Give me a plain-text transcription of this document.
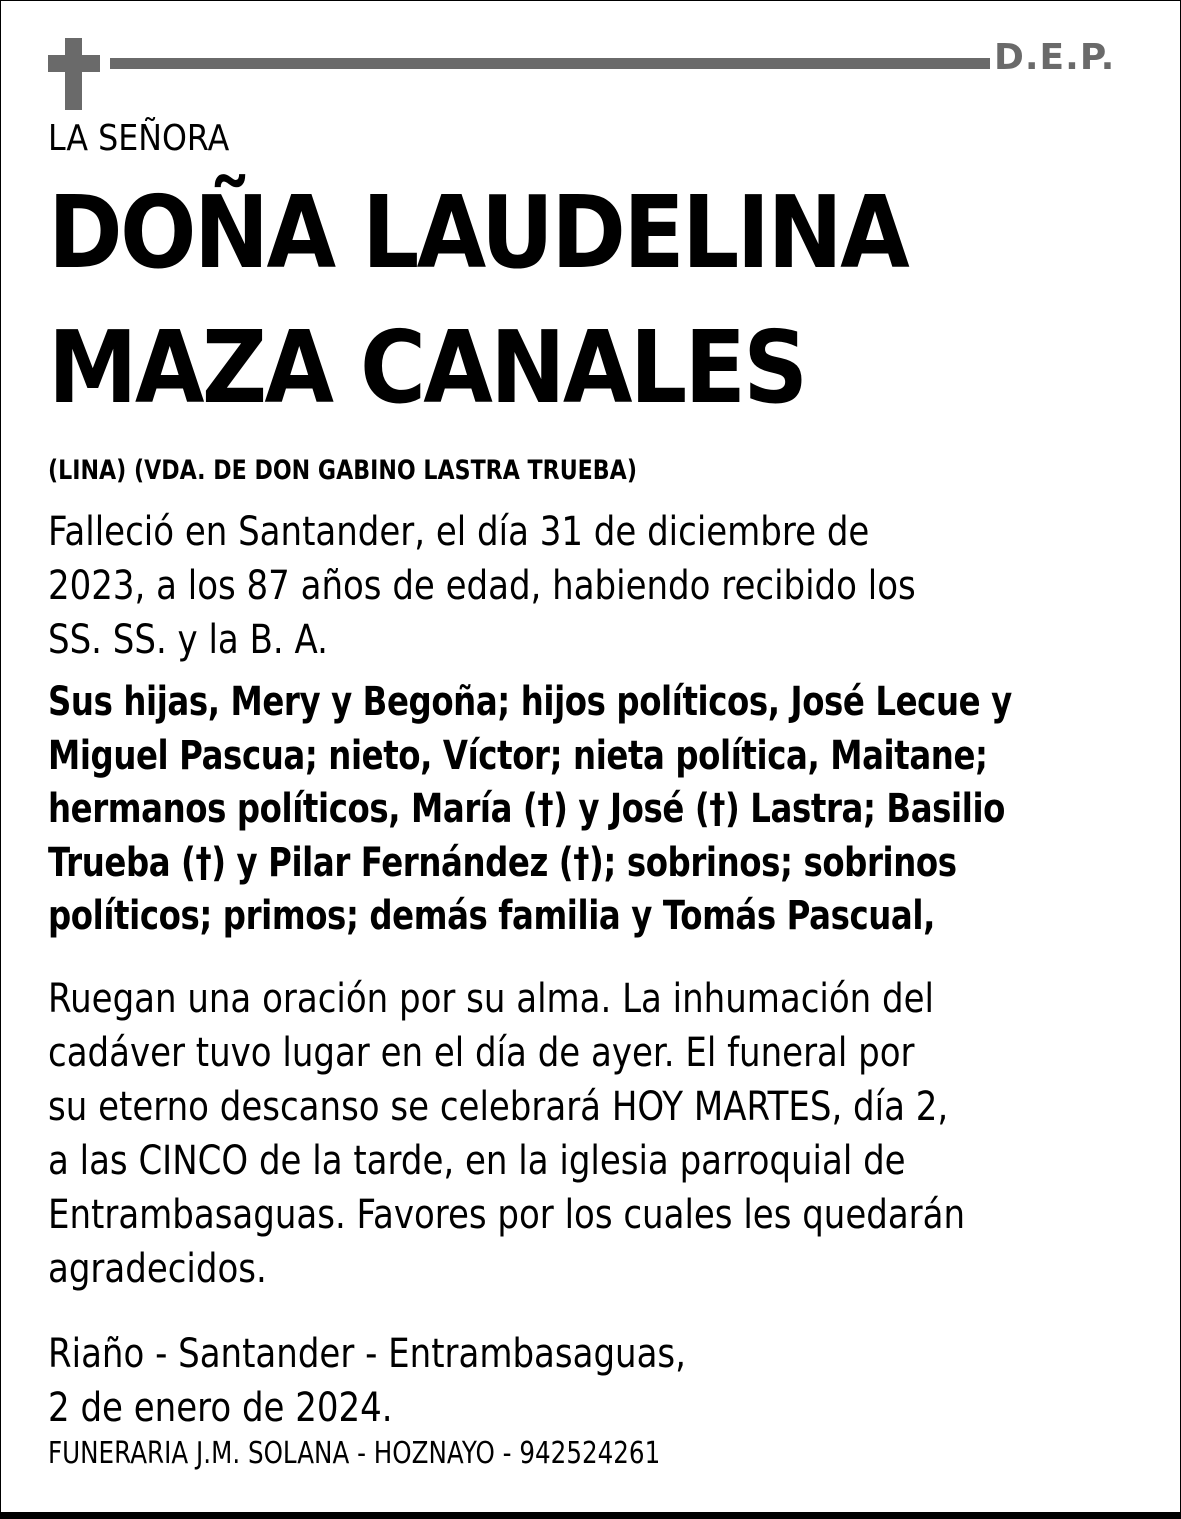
D.E.P.
LA SEÑORA
DOÑA LAUDELINA
MAZA CANALES
(LINA) (VDA. DE DON GABINO LASTRA TRUEBA)
Falleció en Santander, el día 31 de diciembre de
2023, a los 87 años de edad, habiendo recibido los
SS. SS. y la B. A.
Sus hijas, Mery y Begoña; hijos políticos, José Lecue y
Miguel Pascua; nieto, Víctor; nieta política, Maitane;
hermanos políticos, María (†) y José (†) Lastra; Basilio
Trueba (†) y Pilar Fernández (†); sobrinos; sobrinos
políticos; primos; demás familia y Tomás Pascual,
Ruegan una oración por su alma. La inhumación del
cadáver tuvo lugar en el día de ayer. El funeral por
su eterno descanso se celebrará HOY MARTES, día 2,
a las CINCO de la tarde, en la iglesia parroquial de
Entrambasaguas. Favores por los cuales les quedarán
agradecidos.
Riaño - Santander - Entrambasaguas,
2 de enero de 2024.
FUNERARIA J.M. SOLANA - HOZNAYO - 942524261
